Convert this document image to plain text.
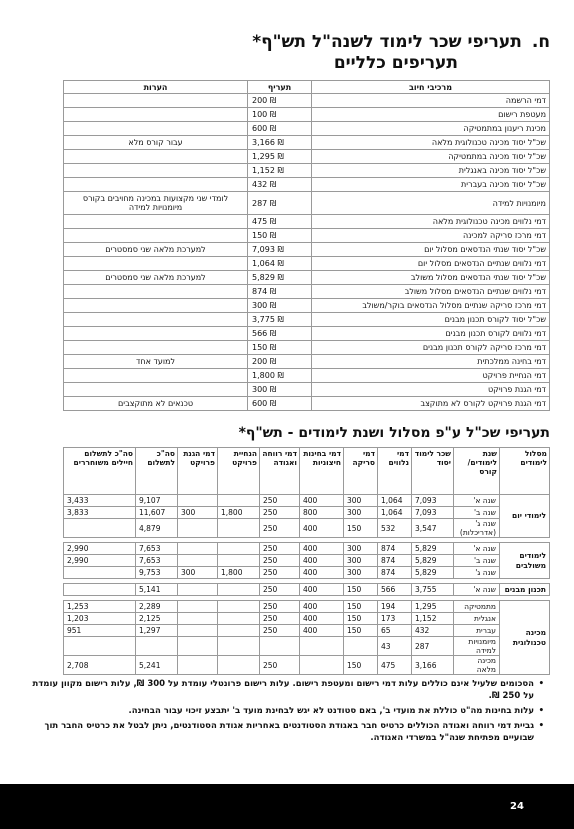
ח.תעריפי שכר לימוד לשנה"ל תש"ף*
תעריפים כלליים
מרכיבי חיוב	תעריף	הערות
דמי הרשמה	200 ₪	
מעטפת רישום	100 ₪	
מכינת ריענון במתמטיקה	600 ₪	
שכ"ל יסוד מכינה טכנולוגית מלאה	3,166 ₪	עבור קורס מלא
שכ"ל יסוד מכינה במתמטיקה	1,295 ₪	
שכ"ל יסוד מכינה באנגלית	1,152 ₪	
שכ"ל יסוד מכינה בעברית	432 ₪	
מיומנויות למידה	287 ₪	לומדי שני מקצועות במכינה מחויבים בקורס מיומנויות למידה
דמי נלווים מכינה טכנולוגית מלאה	475 ₪	
דמי מרכז סריקה למכינה	150 ₪	
שכ"ל יסוד שנתי הנדסאים מסלול יום	7,093 ₪	למערכת מלאה שני סמסטרים
דמי נלווים שנתיים הנדסאים מסלול יום	1,064 ₪	
שכ"ל יסוד שנתי הנדסאים מסלול משולב	5,829 ₪	למערכת מלאה שני סמסטרים
דמי נלווים שנתיים הנדסאים מסלול משולב	874 ₪	
דמי מרכז סריקה שנתיים מסלול הנדסאים בוקר/משולב	300 ₪	
שכ"ל יסוד לקורס תכנון מבנים	3,775 ₪	
דמי נלווים לקורס תכנון מבנים	566 ₪	
דמי מרכז סריקה לקורס תכנון מבנים	150 ₪	
דמי בחינה ממלכתית	200 ₪	למועד אחד
דמי הנחיית פרויקט	1,800 ₪	
דמי הגנת פרויקט	300 ₪	
דמי הגנת פרויקט לקורס לא מתוקצב	600 ₪	טכנאים לא מתוקצבים
תעריפי שכ"ל ע"פ מסלול ושנת לימודים - תש"ף*
מסלול לימודים	שנת לימודים/ קורס	שכר לימוד יסוד	דמי נלווים	דמי סריקה	דמי בחינות חיצוניות	דמי רווחה ואגודה	הנחיית פרויקט	דמי הגנת פרויקט	סה"כ לתשלום	סה"כ לתשלום חיילים משוחררים
לימודי יום	שנה א'	7,093	1,064	300	400	250			9,107	3,433
	שנה ב'	7,093	1,064	300	800	250	1,800	300	11,607	3,833
	שנה ג' (אדריכלות)	3,547	532	150	400	250			4,879	

לימודים משולבים	שנה א'	5,829	874	300	400	250			7,653	2,990
	שנה ב'	5,829	874	300	400	250			7,653	2,990
	שנה ג'	5,829	874	300	400	250	1,800	300	9,753	

תכנון מבנים	שנה א'	3,755	566	150	400	250			5,141	

מכינה טכנולוגית	מתמטיקה	1,295	194	150	400	250			2,289	1,253
	אנגלית	1,152	173	150	400	250			2,125	1,203
	עברית	432	65	150	400	250			1,297	951
	מיומנויות למידה	287	43							
	מכינה מלאה	3,166	475	150		250			5,241	2,708
• הסכומים שלעיל אינם כוללים עלות דמי רישום ומעטפת רישום. עלות רישום פרונטלי עומדת על 300 ₪, עלות רישום מקוון עומדת על 250 ₪.
• עלות בחינות מה"ט כוללת את מועדי ב', באם סטודנט לא יגש לבחינת מועד ב' יתבצע זיכוי עבור הבחינה.
• גביית דמי רווחה ואגודה הכוללים כרטיס חבר באגודת הסטודנטים באחריות אגודת הסטודנטים, ניתן לבטל את כרטיס החבר תוך שבועיים מפתיחת שנה"ל במשרדי האגודה.
24
